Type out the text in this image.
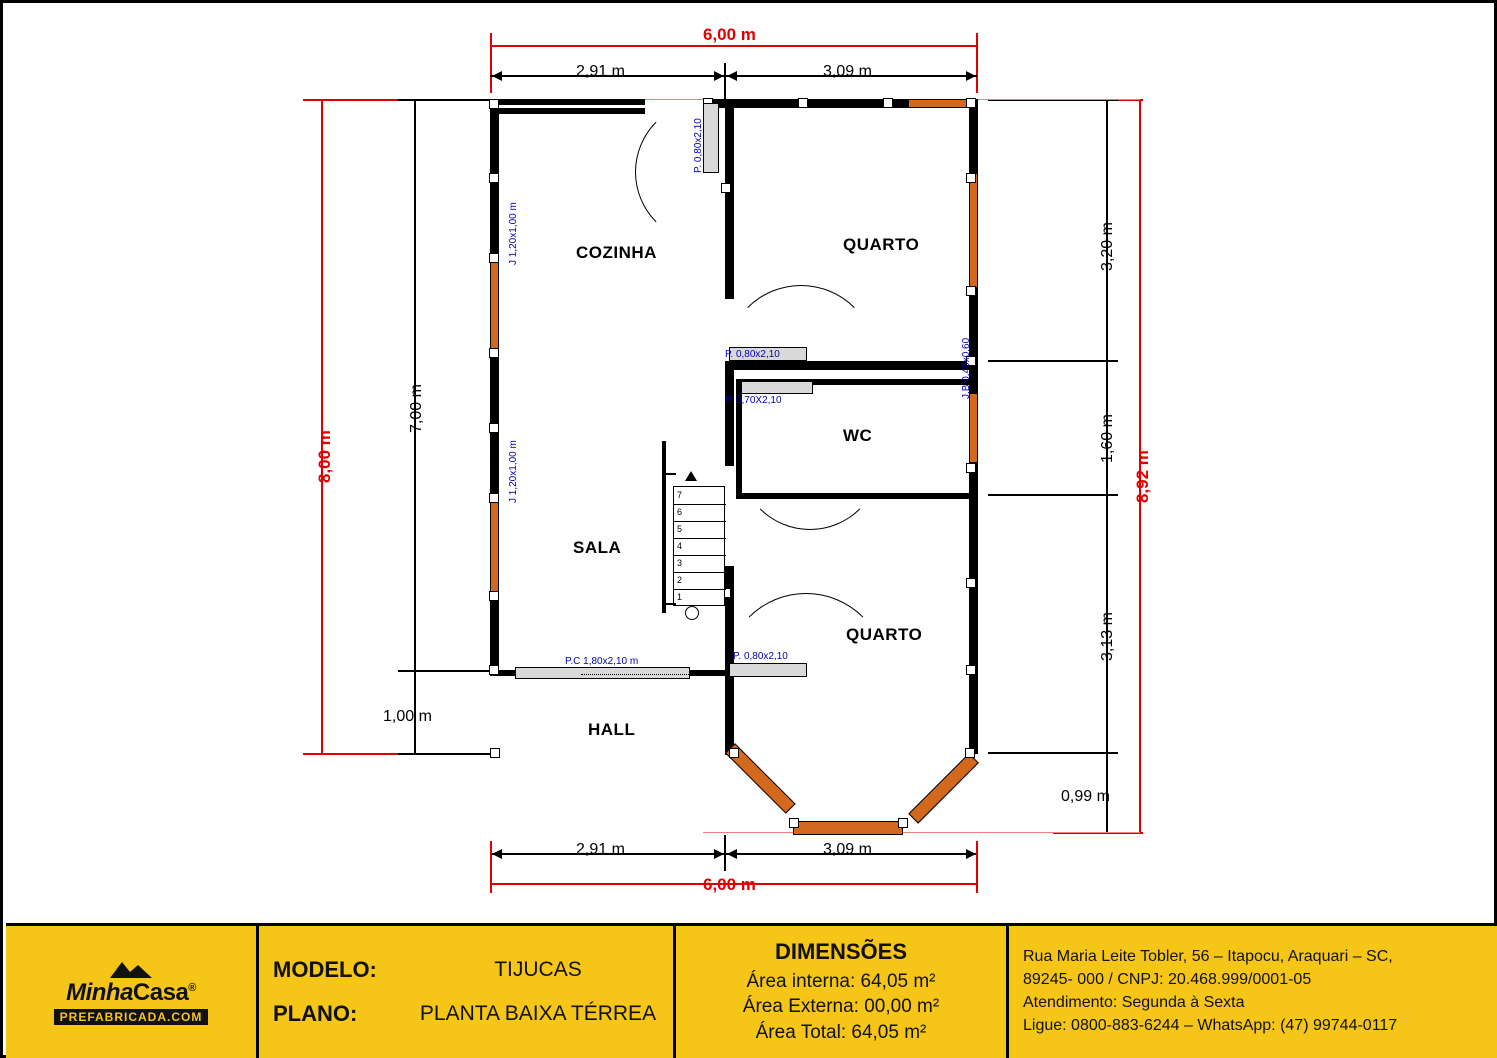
6,00 m
2,91 m	3,09 m
8,00 m
7,00 m
1,00 m
8,92 m
3,20 m
1,60 m
3,13 m
0,99 m
2,91 m	3,09 m
6,00 m
P. 0,80x2,10
P. 0,80x2,10
P. 0,70X2,10
P. 0,80x2,10
J 1,20x1,00 m
J 1,20x1,00 m
J.B 0,40x0,60
P.C 1,80x2,10 m
7
6
5
4
3
2
1
COZINHA	QUARTO
WC
SALA
QUARTO
HALL
MinhaCasa®
PREFABRICADA.COM
MODELO:	TIJUCAS
PLANO:	PLANTA BAIXA TÉRREA
DIMENSÕES
Área interna: 64,05 m²
Área Externa: 00,00 m²
Área Total: 64,05 m²
Rua Maria Leite Tobler, 56 – Itapocu, Araquari – SC,
89245- 000 / CNPJ: 20.468.999/0001-05
Atendimento: Segunda à Sexta
Ligue: 0800-883-6244 – WhatsApp: (47) 99744-0117
